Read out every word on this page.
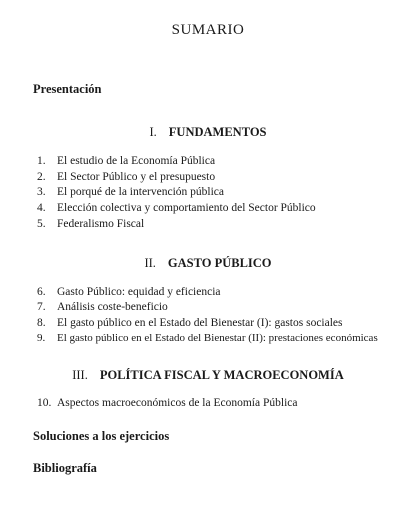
SUMARIO
Presentación
I. FUNDAMENTOS
1. El estudio de la Economía Pública
2. El Sector Público y el presupuesto
3. El porqué de la intervención pública
4. Elección colectiva y comportamiento del Sector Público
5. Federalismo Fiscal
II. GASTO PÚBLICO
6. Gasto Público: equidad y eficiencia
7. Análisis coste-beneficio
8. El gasto público en el Estado del Bienestar (I): gastos sociales
9. El gasto público en el Estado del Bienestar (II): prestaciones económicas
III. POLÍTICA FISCAL Y MACROECONOMÍA
10. Aspectos macroeconómicos de la Economía Pública
Soluciones a los ejercicios
Bibliografía
